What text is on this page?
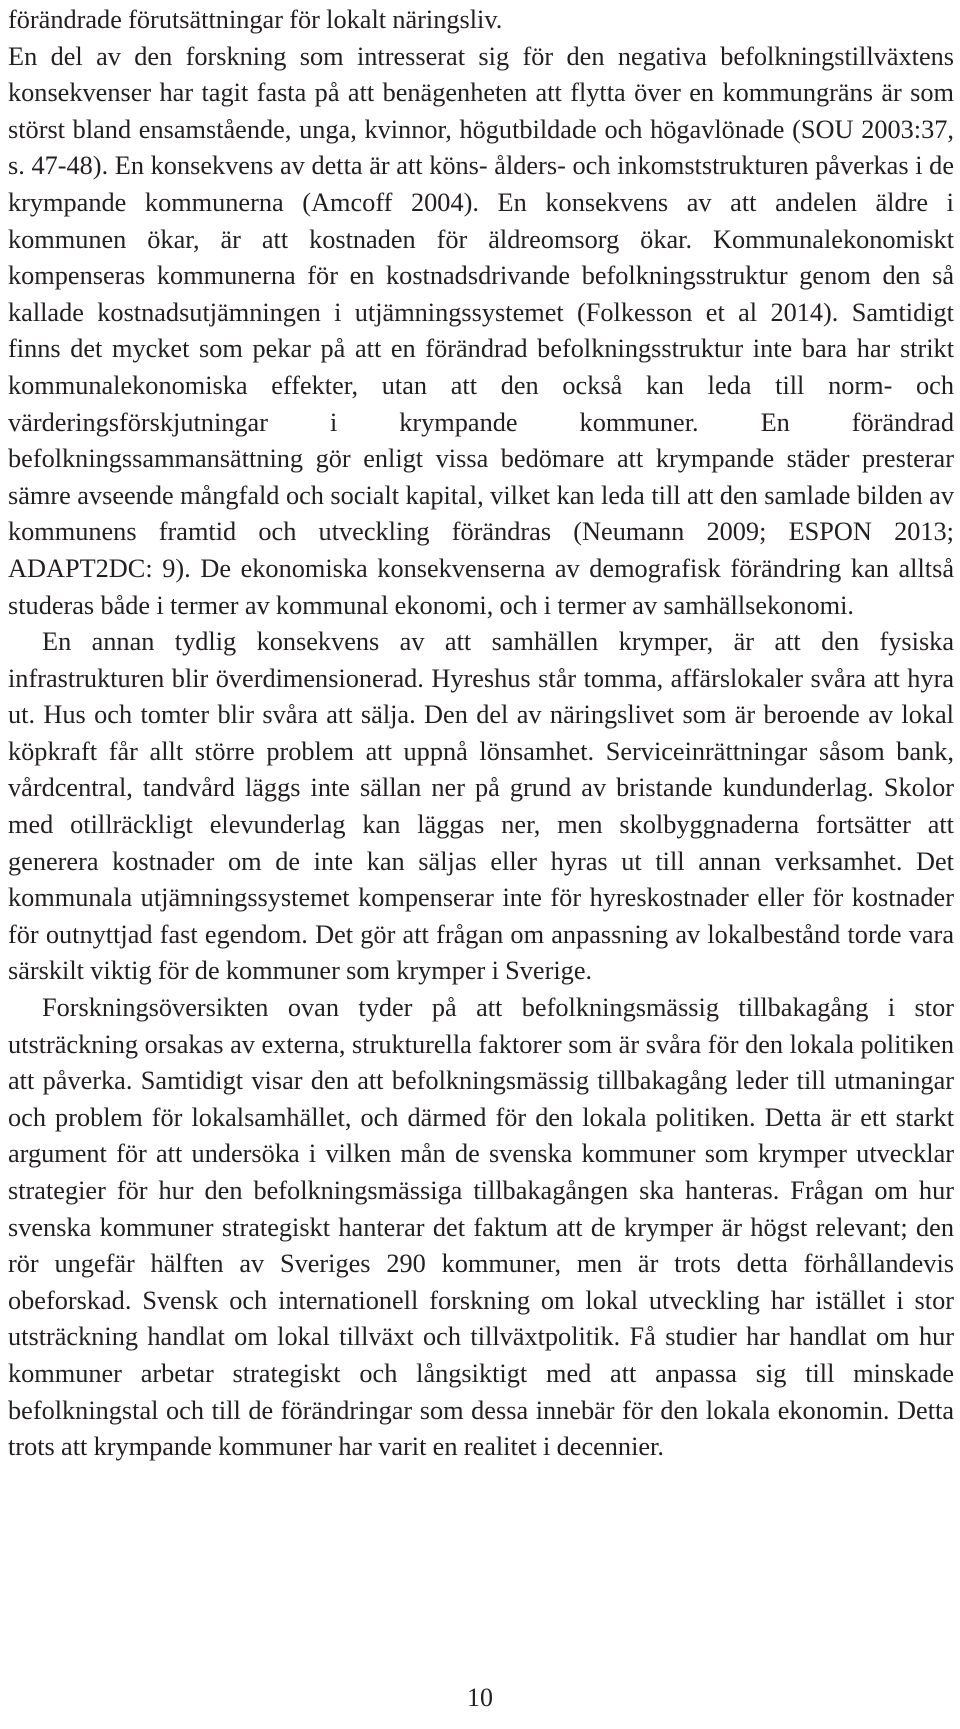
förändrade förutsättningar för lokalt näringsliv.

En del av den forskning som intresserat sig för den negativa befolkningstillväxtens konsekvenser har tagit fasta på att benägenheten att flytta över en kommungräns är som störst bland ensamstående, unga, kvinnor, högutbildade och högavlönade (SOU 2003:37, s. 47-48). En konsekvens av detta är att köns- ålders- och inkomststrukturen påverkas i de krympande kommunerna (Amcoff 2004). En konsekvens av att andelen äldre i kommunen ökar, är att kostnaden för äldreomsorg ökar. Kommunalekonomiskt kompenseras kommunerna för en kostnadsdrivande befolkningsstruktur genom den så kallade kostnadsutjämningen i utjämningssystemet (Folkesson et al 2014). Samtidigt finns det mycket som pekar på att en förändrad befolkningsstruktur inte bara har strikt kommunalekonomiska effekter, utan att den också kan leda till norm- och värderingsförskjutningar i krympande kommuner. En förändrad befolkningssammansättning gör enligt vissa bedömare att krympande städer presterar sämre avseende mångfald och socialt kapital, vilket kan leda till att den samlade bilden av kommunens framtid och utveckling förändras (Neumann 2009; ESPON 2013; ADAPT2DC: 9). De ekonomiska konsekvenserna av demografisk förändring kan alltså studeras både i termer av kommunal ekonomi, och i termer av samhällsekonomi.

En annan tydlig konsekvens av att samhällen krymper, är att den fysiska infrastrukturen blir överdimensionerad. Hyreshus står tomma, affärslokaler svåra att hyra ut. Hus och tomter blir svåra att sälja. Den del av näringslivet som är beroende av lokal köpkraft får allt större problem att uppnå lönsamhet. Serviceinrättningar såsom bank, vårdcentral, tandvård läggs inte sällan ner på grund av bristande kundunderlag. Skolor med otillräckligt elevunderlag kan läggas ner, men skolbyggnaderna fortsätter att generera kostnader om de inte kan säljas eller hyras ut till annan verksamhet. Det kommunala utjämningssystemet kompenserar inte för hyreskostnader eller för kostnader för outnyttjad fast egendom. Det gör att frågan om anpassning av lokalbestånd torde vara särskilt viktig för de kommuner som krymper i Sverige.

Forskningsöversikten ovan tyder på att befolkningsmässig tillbakagång i stor utsträckning orsakas av externa, strukturella faktorer som är svåra för den lokala politiken att påverka. Samtidigt visar den att befolkningsmässig tillbakagång leder till utmaningar och problem för lokalsamhället, och därmed för den lokala politiken. Detta är ett starkt argument för att undersöka i vilken mån de svenska kommuner som krymper utvecklar strategier för hur den befolkningsmässiga tillbakagången ska hanteras. Frågan om hur svenska kommuner strategiskt hanterar det faktum att de krymper är högst relevant; den rör ungefär hälften av Sveriges 290 kommuner, men är trots detta förhållandevis obeforskad. Svensk och internationell forskning om lokal utveckling har istället i stor utsträckning handlat om lokal tillväxt och tillväxtpolitik. Få studier har handlat om hur kommuner arbetar strategiskt och långsiktigt med att anpassa sig till minskade befolkningstal och till de förändringar som dessa innebär för den lokala ekonomin. Detta trots att krympande kommuner har varit en realitet i decennier.

10
